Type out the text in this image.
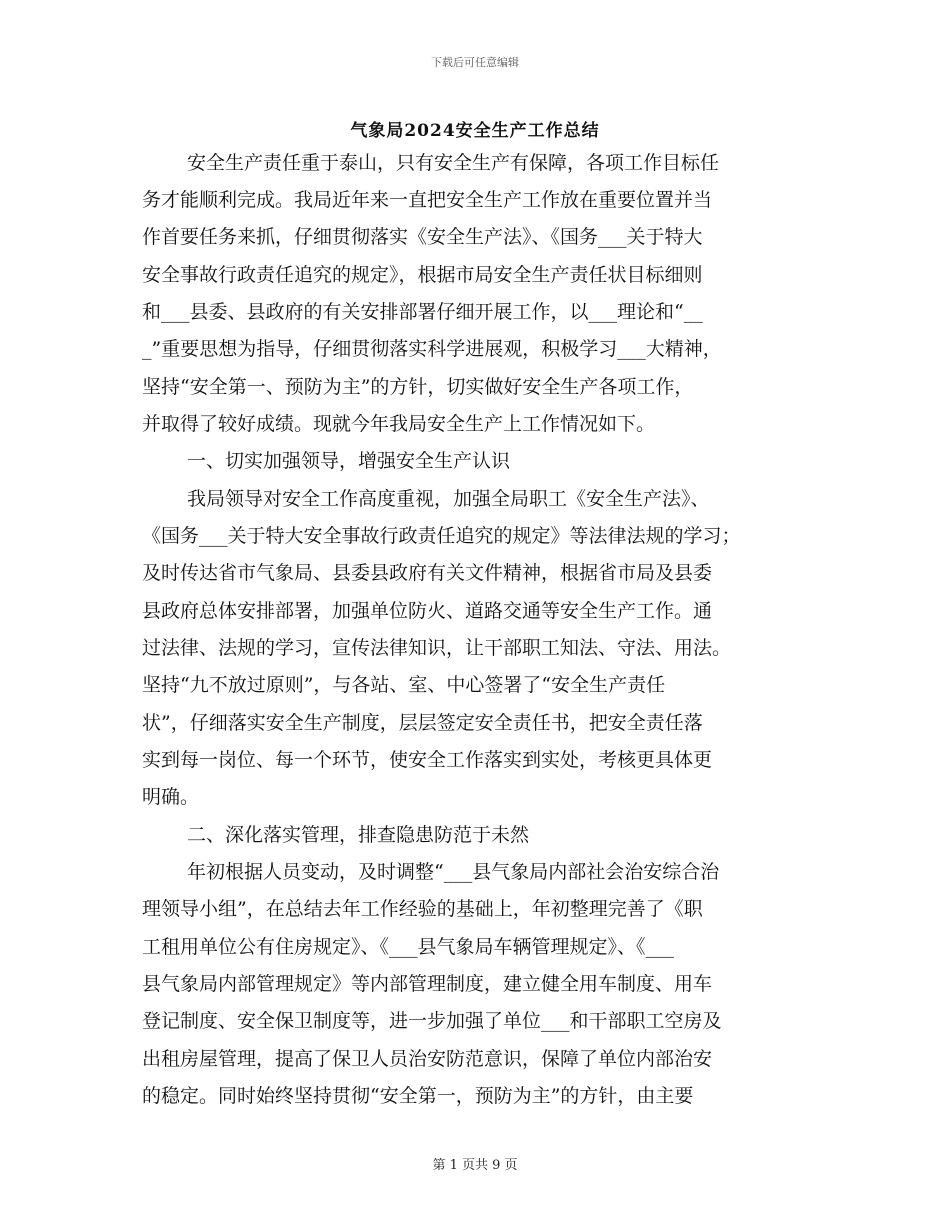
下载后可任意编辑
气象局2024安全生产工作总结
安全生产责任重于泰山，只有安全生产有保障，各项工作目标任
务才能顺利完成。我局近年来一直把安全生产工作放在重要位置并当
作首要任务来抓，仔细贯彻落实《安全生产法》、《国务___关于特大
安全事故行政责任追究的规定》，根据市局安全生产责任状目标细则
和___县委、县政府的有关安排部署仔细开展工作，以___理论和“__
_”重要思想为指导，仔细贯彻落实科学进展观，积极学习___大精神，
坚持“安全第一、预防为主”的方针，切实做好安全生产各项工作，
并取得了较好成绩。现就今年我局安全生产上工作情况如下。
一、切实加强领导，增强安全生产认识
我局领导对安全工作高度重视，加强全局职工《安全生产法》、
《国务___关于特大安全事故行政责任追究的规定》等法律法规的学习；
及时传达省市气象局、县委县政府有关文件精神，根据省市局及县委
县政府总体安排部署，加强单位防火、道路交通等安全生产工作。通
过法律、法规的学习，宣传法律知识，让干部职工知法、守法、用法。
坚持“九不放过原则”，与各站、室、中心签署了“安全生产责任
状”，仔细落实安全生产制度，层层签定安全责任书，把安全责任落
实到每一岗位、每一个环节，使安全工作落实到实处，考核更具体更
明确。
二、深化落实管理，排查隐患防范于未然
年初根据人员变动，及时调整“___县气象局内部社会治安综合治
理领导小组”，在总结去年工作经验的基础上，年初整理完善了《职
工租用单位公有住房规定》、《___县气象局车辆管理规定》、《___
县气象局内部管理规定》等内部管理制度，建立健全用车制度、用车
登记制度、安全保卫制度等，进一步加强了单位___和干部职工空房及
出租房屋管理，提高了保卫人员治安防范意识，保障了单位内部治安
的稳定。同时始终坚持贯彻“安全第一，预防为主”的方针，由主要
第 1 页共 9 页
